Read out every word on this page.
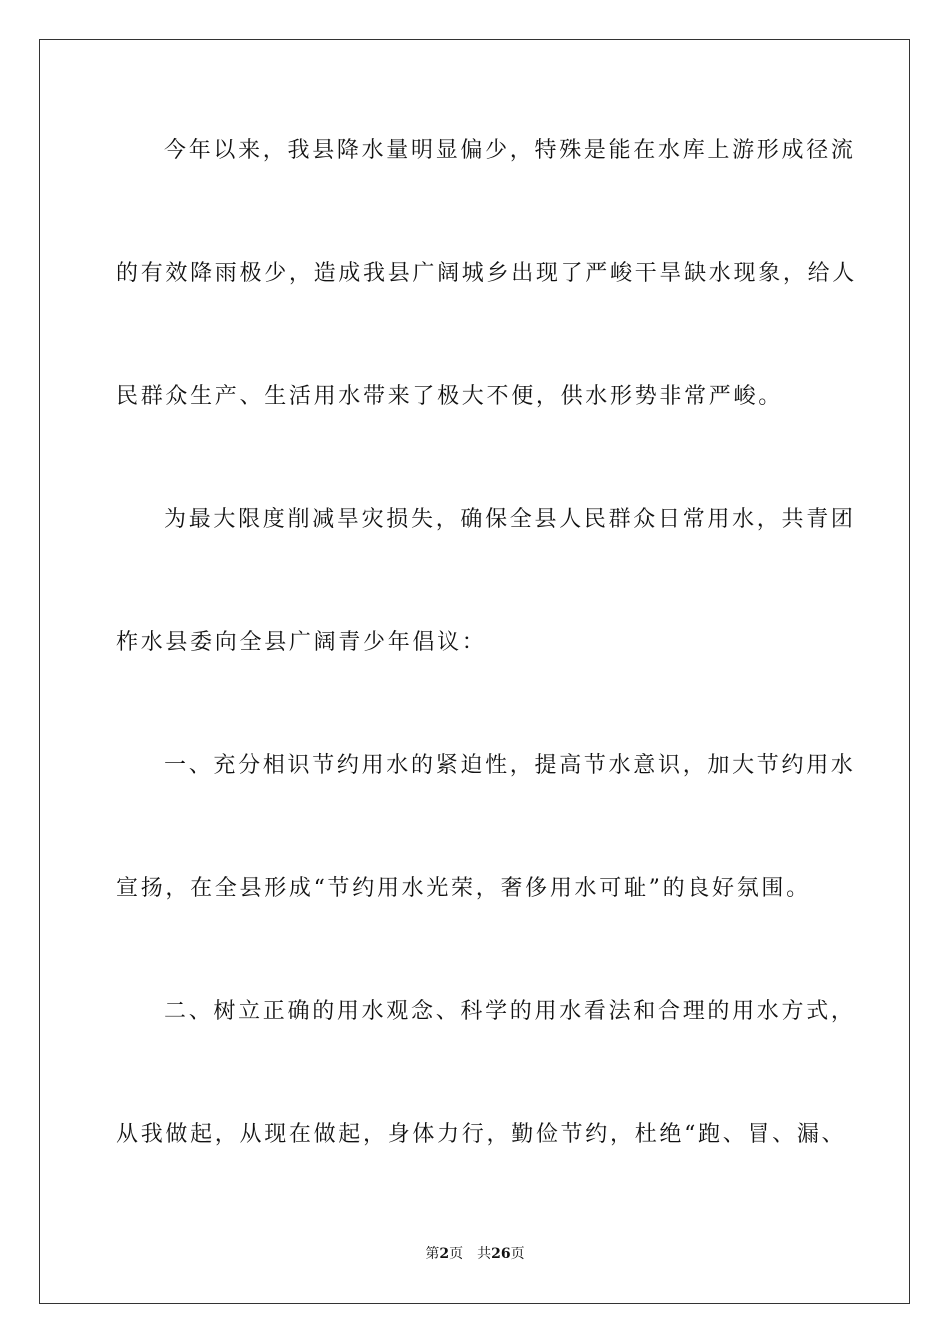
今年以来，我县降水量明显偏少，特殊是能在水库上游形成径流
的有效降雨极少，造成我县广阔城乡出现了严峻干旱缺水现象，给人
民群众生产、生活用水带来了极大不便，供水形势非常严峻。
为最大限度削减旱灾损失，确保全县人民群众日常用水，共青团
柞水县委向全县广阔青少年倡议：
一、充分相识节约用水的紧迫性，提高节水意识，加大节约用水
宣扬，在全县形成“节约用水光荣，奢侈用水可耻”的良好氛围。
二、树立正确的用水观念、科学的用水看法和合理的用水方式，
从我做起，从现在做起，身体力行，勤俭节约，杜绝“跑、冒、漏、
第2页 共26页
